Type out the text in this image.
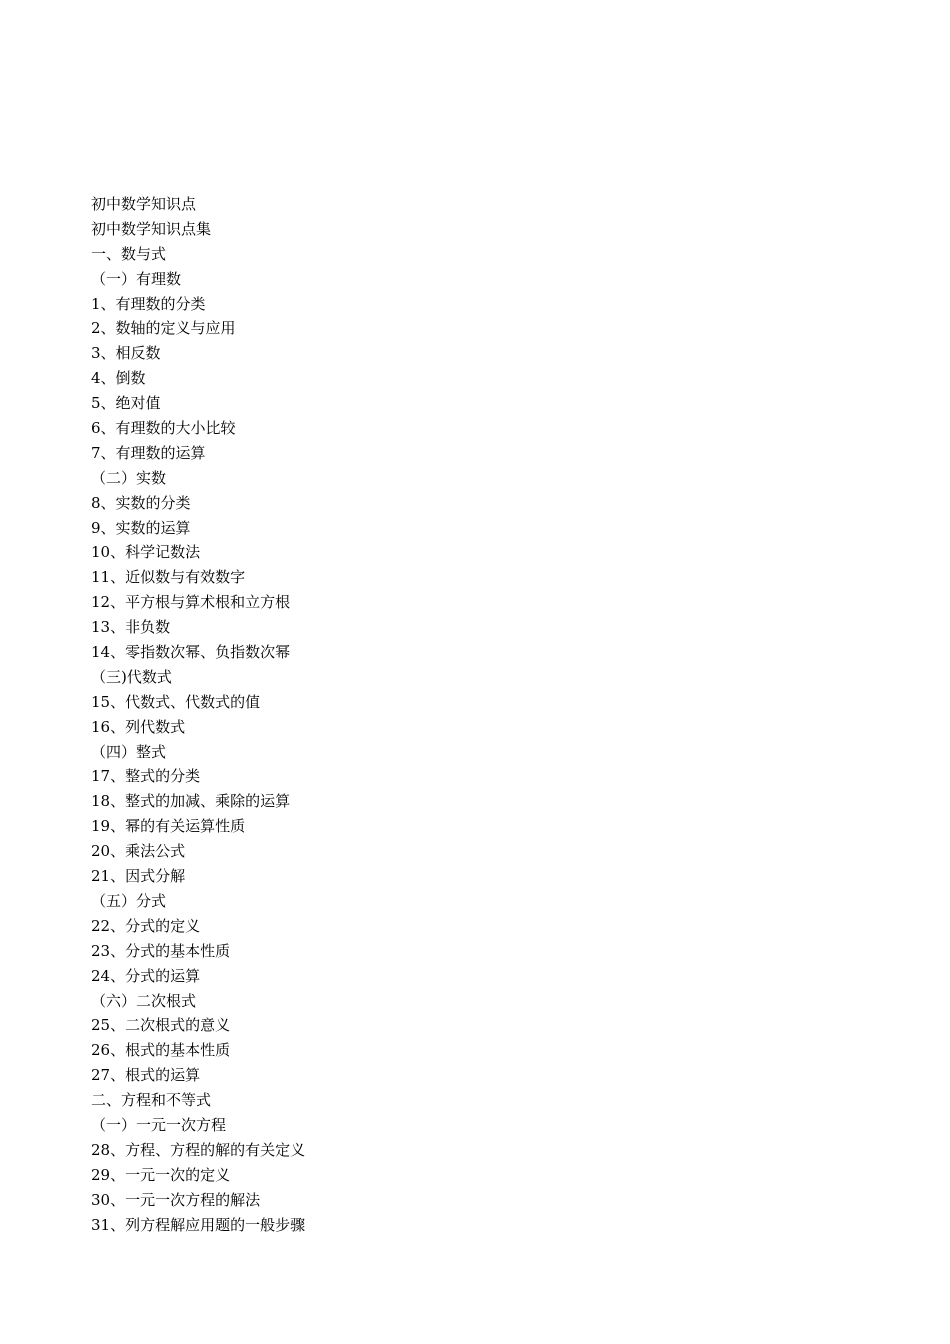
初中数学知识点
初中数学知识点集
一、数与式
（一）有理数
1、有理数的分类
2、数轴的定义与应用
3、相反数
4、倒数
5、绝对值
6、有理数的大小比较
7、有理数的运算
（二）实数
8、实数的分类
9、实数的运算
10、科学记数法
11、近似数与有效数字
12、平方根与算术根和立方根
13、非负数
14、零指数次幂、负指数次幂
（三)代数式
15、代数式、代数式的值
16、列代数式
（四）整式
17、整式的分类
18、整式的加减、乘除的运算
19、幂的有关运算性质
20、乘法公式
21、因式分解
（五）分式
22、分式的定义
23、分式的基本性质
24、分式的运算
（六）二次根式
25、二次根式的意义
26、根式的基本性质
27、根式的运算
二、方程和不等式
（一）一元一次方程
28、方程、方程的解的有关定义
29、一元一次的定义
30、一元一次方程的解法
31、列方程解应用题的一般步骤
